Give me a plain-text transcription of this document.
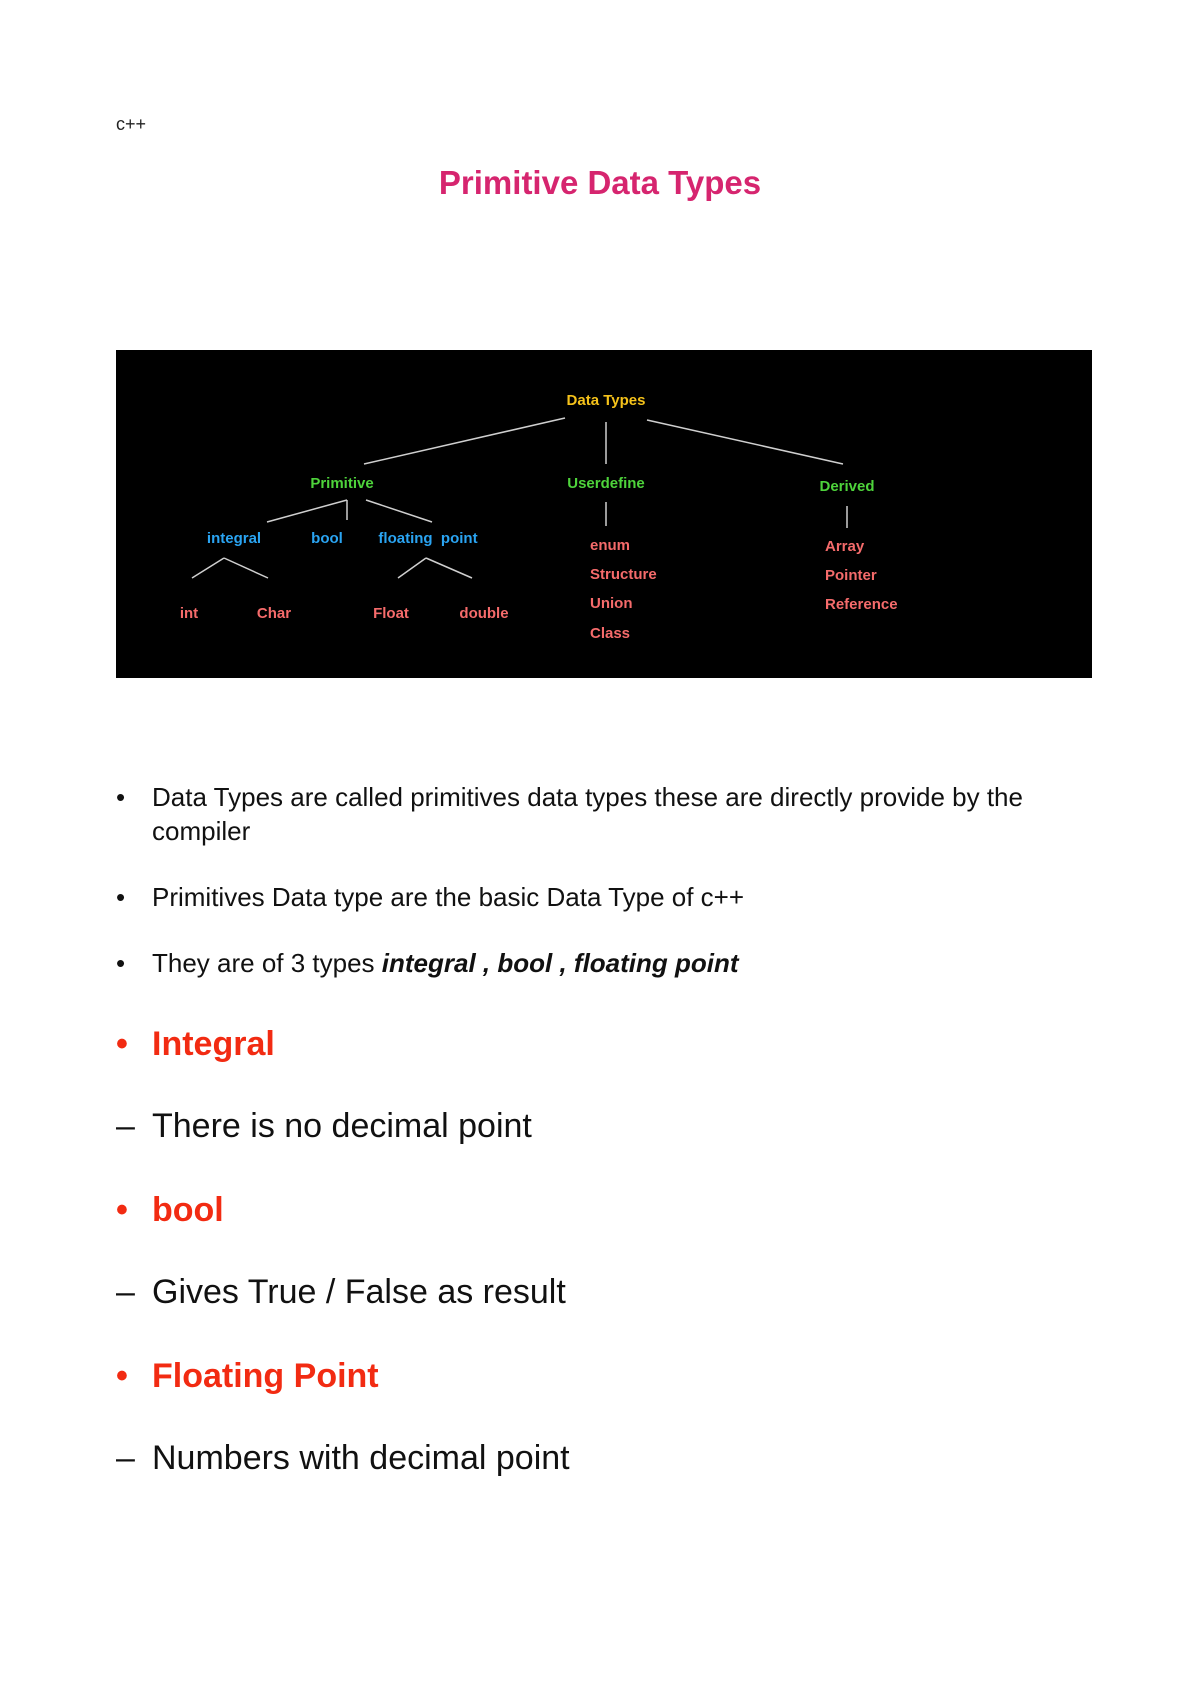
c++
Primitive Data Types
Data Types
Primitive	Userdefine	Derived
integral	bool floating  point
int	Char	Float	double
enum
Structure
Union
Class
Array
Pointer
Reference
•	Data Types are called primitives data types these are directly provide by the compiler
•	Primitives Data type are the basic Data Type of c++
•	They are of 3 types integral , bool , floating point
• Integral
– There is no decimal point
• bool
– Gives True / False as result
• Floating Point
– Numbers with decimal point
